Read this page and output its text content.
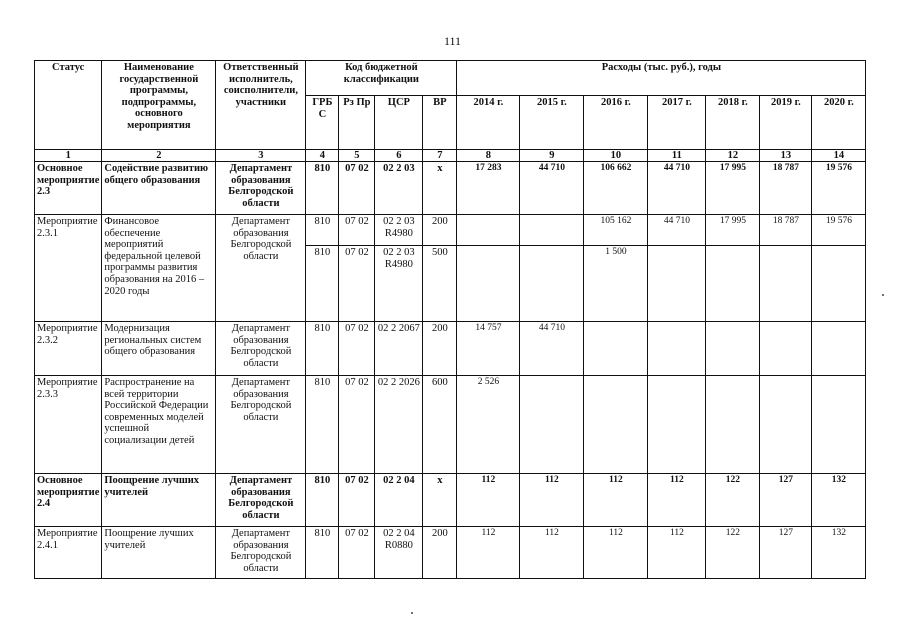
111
Статус	Наименование государственной программы, подпрограммы, основного мероприятия	Ответственный исполнитель, соисполнители, участники	Код бюджетной классификации				Расходы (тыс. руб.), годы						
			ГРБ С	Рз Пр	ЦСР	ВР	2014 г.	2015 г.	2016 г.	2017 г.	2018 г.	2019 г.	2020 г.
1	2	3	4	5	6	7	8	9	10	11	12	13	14
Основное мероприятие 2.3	Содействие развитию общего образования	Департамент образования Белгородской области	810	07 02	02 2 03	x	17 283	44 710	106 662	44 710	17 995	18 787	19 576
Мероприятие 2.3.1	Финансовое обеспечение мероприятий федеральной целевой программы развития образования на 2016 – 2020 годы	Департамент образования Белгородской области	810	07 02	02 2 03 R4980	200			105 162	44 710	17 995	18 787	19 576
			810	07 02	02 2 03 R4980	500			1 500				
Мероприятие 2.3.2	Модернизация региональных систем общего образования	Департамент образования Белгородской области	810	07 02	02 2 2067	200	14 757	44 710					
Мероприятие 2.3.3	Распространение на всей территории Российской Федерации современных моделей успешной социализации детей	Департамент образования Белгородской области	810	07 02	02 2 2026	600	2 526						
Основное мероприятие 2.4	Поощрение лучших учителей	Департамент образования Белгородской области	810	07 02	02 2 04	x	112	112	112	112	122	127	132
Мероприятие 2.4.1	Поощрение лучших учителей	Департамент образования Белгородской области	810	07 02	02 2 04 R0880	200	112	112	112	112	122	127	132
